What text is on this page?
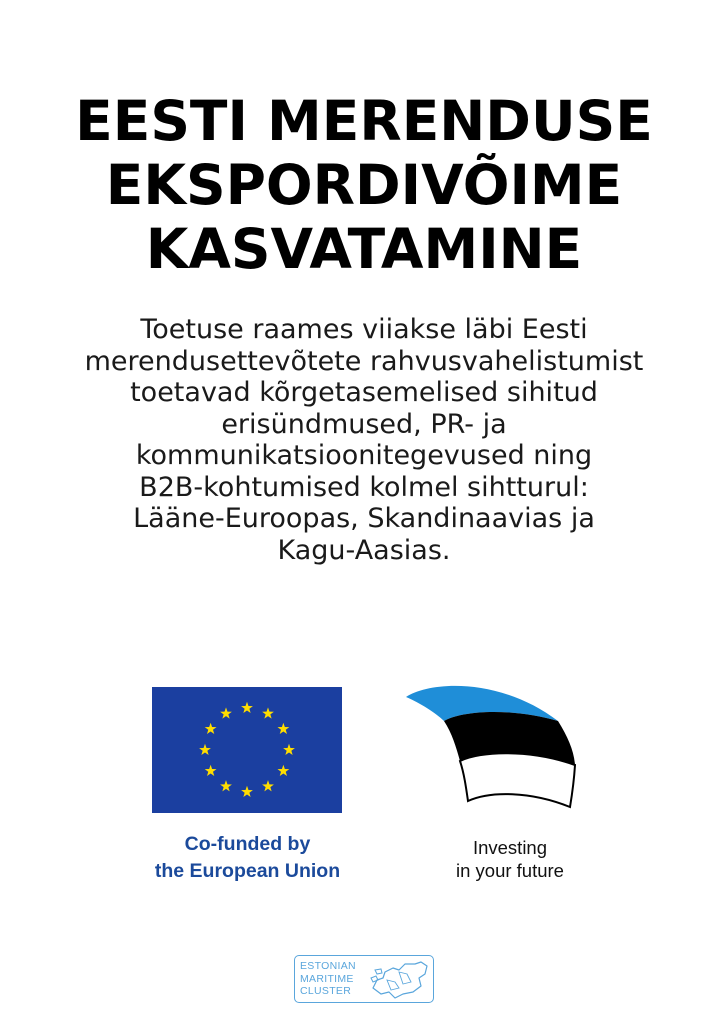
EESTI MERENDUSE
EKSPORDIVÕIME
KASVATAMINE
Toetuse raames viiakse läbi Eesti
merendusettevõtete rahvusvahelistumist
toetavad kõrgetasemelised sihitud
erisündmused, PR- ja
kommunikatsioonitegevused ning
B2B-kohtumised kolmel sihtturul:
Lääne-Euroopas, Skandinaavias ja
Kagu-Aasias.
Co-funded by
the European Union
Investing
in your future
ESTONIAN
MARITIME
CLUSTER
